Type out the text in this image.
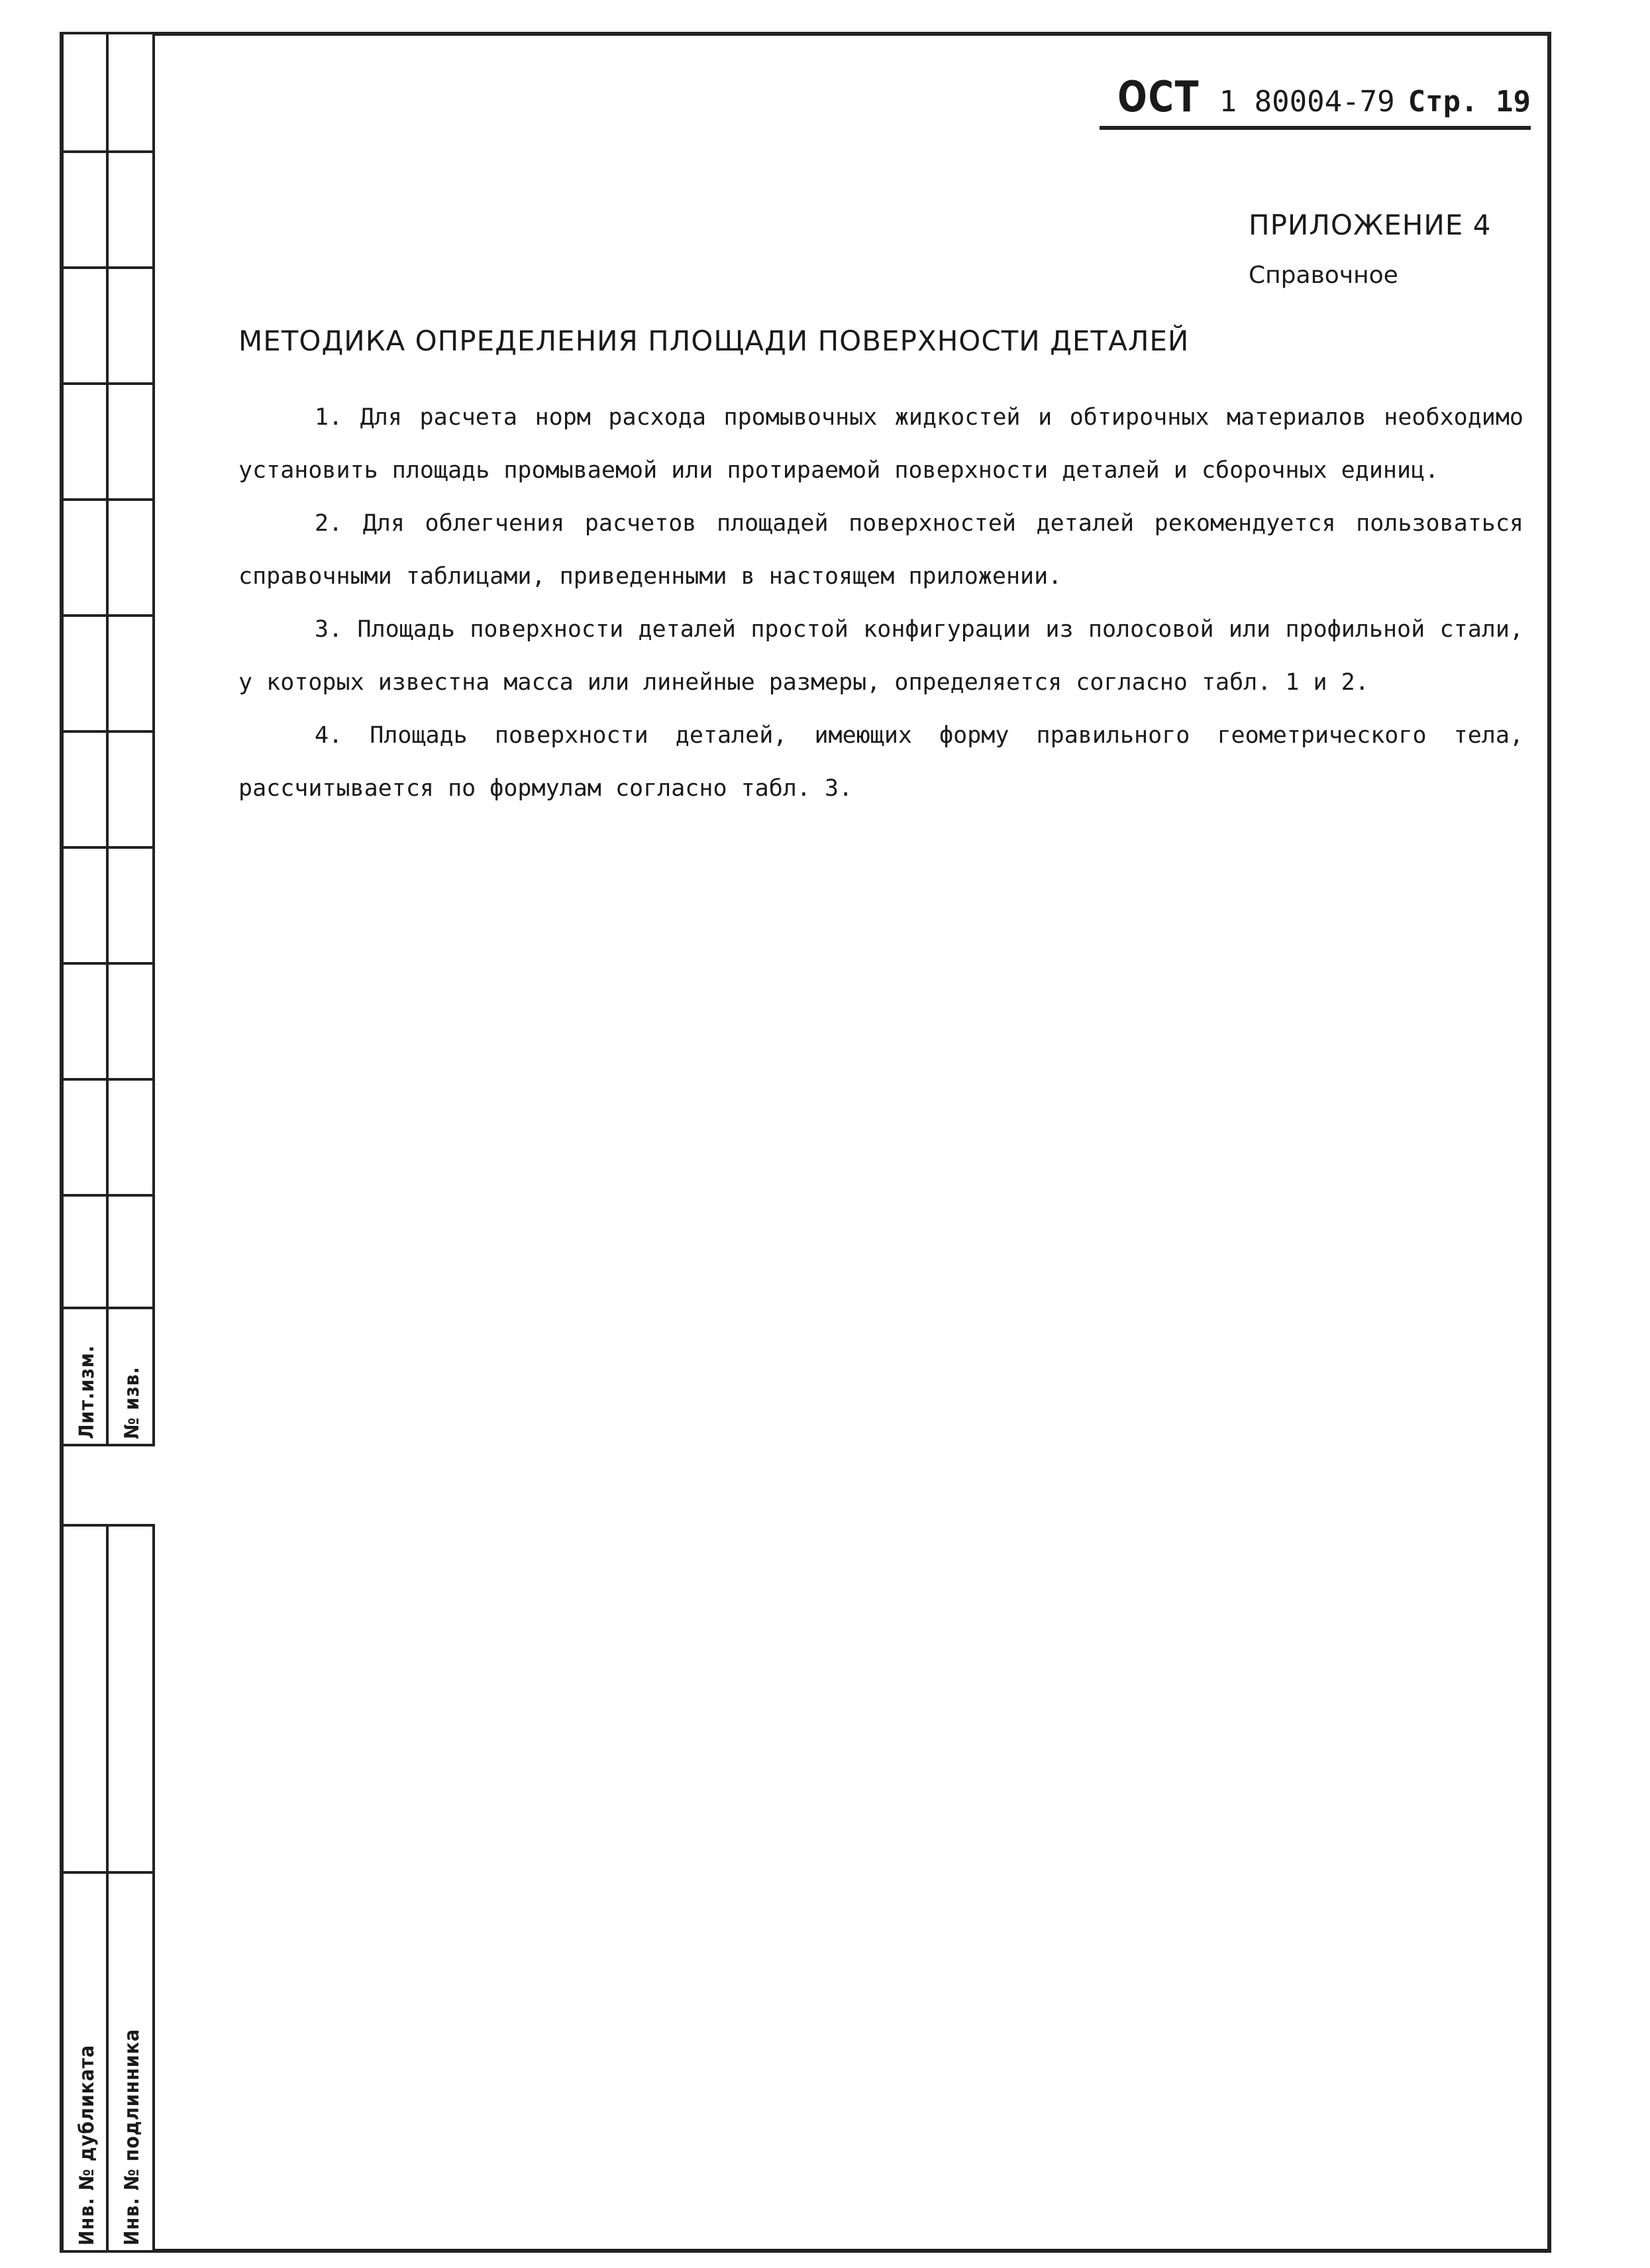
Лит.изм. № изв.
Инв. № дубликата Инв. № подлинника
ОСТ 1 80004-79 Стр. 19
ПРИЛОЖЕНИЕ 4
Справочное
МЕТОДИКА ОПРЕДЕЛЕНИЯ ПЛОЩАДИ ПОВЕРХНОСТИ ДЕТАЛЕЙ

1. Для расчета норм расхода промывочных жидкостей и обтирочных материалов необходимо установить площадь промываемой или протираемой поверхности деталей и сборочных единиц.

2. Для облегчения расчетов площадей поверхностей деталей рекомендуется пользоваться справочными таблицами, приведенными в настоящем приложении.

3. Площадь поверхности деталей простой конфигурации из полосовой или профильной стали, у которых известна масса или линейные размеры, определяется согласно табл. 1 и 2.

4. Площадь поверхности деталей, имеющих форму правильного геометрического тела, рассчитывается по формулам согласно табл. 3.
